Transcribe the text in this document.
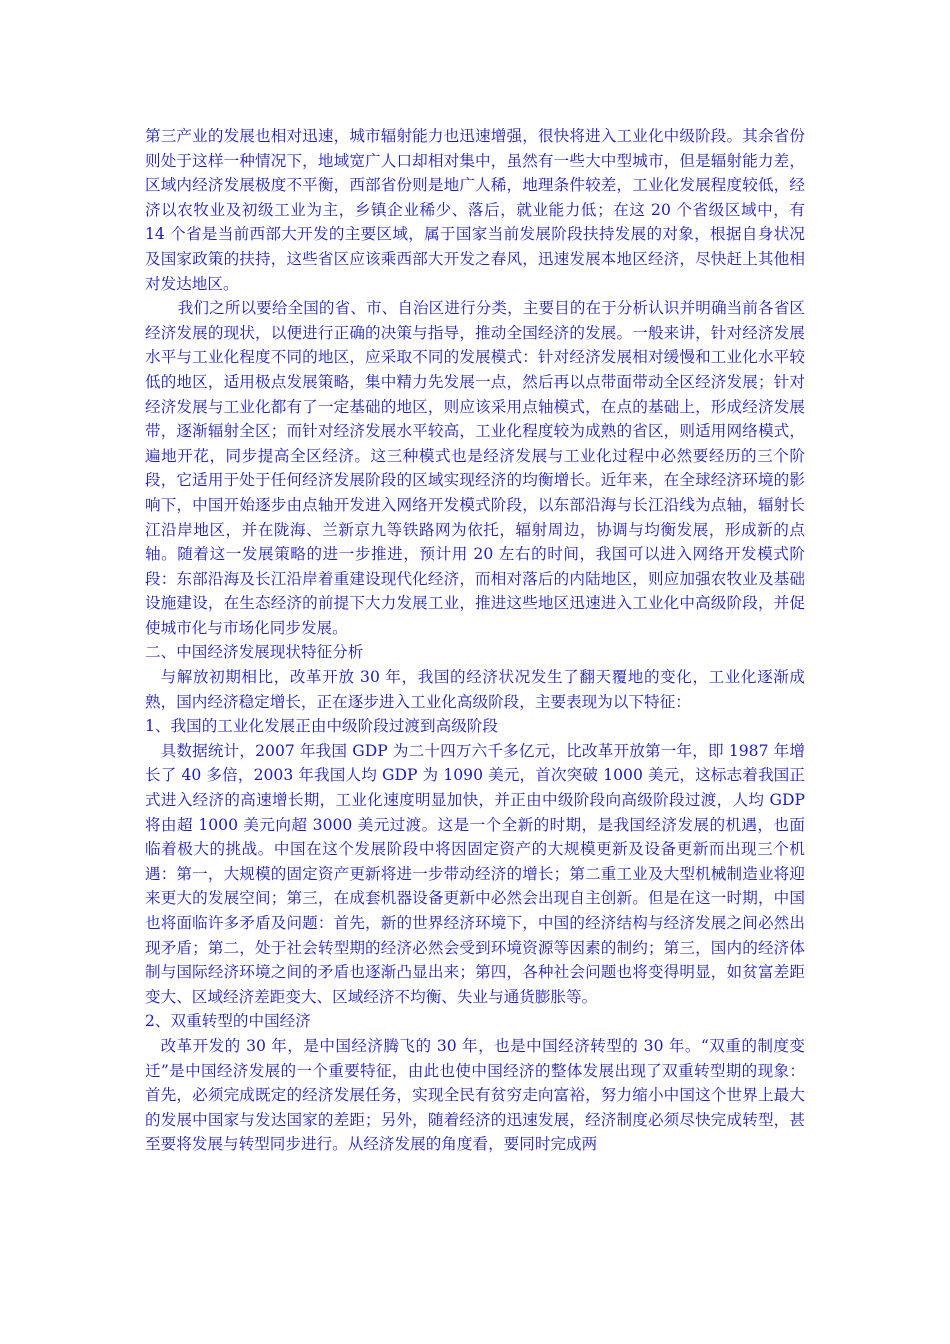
第三产业的发展也相对迅速，城市辐射能力也迅速增强，很快将进入工业化中级阶段。其余省份则处于这样一种情况下，地域宽广人口却相对集中，虽然有一些大中型城市，但是辐射能力差，区域内经济发展极度不平衡，西部省份则是地广人稀，地理条件较差，工业化发展程度较低，经济以农牧业及初级工业为主，乡镇企业稀少、落后，就业能力低；在这 20 个省级区域中，有 14 个省是当前西部大开发的主要区域，属于国家当前发展阶段扶持发展的对象，根据自身状况及国家政策的扶持，这些省区应该乘西部大开发之春风，迅速发展本地区经济，尽快赶上其他相对发达地区。

我们之所以要给全国的省、市、自治区进行分类，主要目的在于分析认识并明确当前各省区经济发展的现状，以便进行正确的决策与指导，推动全国经济的发展。一般来讲，针对经济发展水平与工业化程度不同的地区，应采取不同的发展模式：针对经济发展相对缓慢和工业化水平较低的地区，适用极点发展策略，集中精力先发展一点，然后再以点带面带动全区经济发展；针对经济发展与工业化都有了一定基础的地区，则应该采用点轴模式，在点的基础上，形成经济发展带，逐渐辐射全区；而针对经济发展水平较高，工业化程度较为成熟的省区，则适用网络模式，遍地开花，同步提高全区经济。这三种模式也是经济发展与工业化过程中必然要经历的三个阶段，它适用于处于任何经济发展阶段的区域实现经济的均衡增长。近年来，在全球经济环境的影响下，中国开始逐步由点轴开发进入网络开发模式阶段，以东部沿海与长江沿线为点轴，辐射长江沿岸地区，并在陇海、兰新京九等铁路网为依托，辐射周边，协调与均衡发展，形成新的点轴。随着这一发展策略的进一步推进，预计用 20 左右的时间，我国可以进入网络开发模式阶段：东部沿海及长江沿岸着重建设现代化经济，而相对落后的内陆地区，则应加强农牧业及基础设施建设，在生态经济的前提下大力发展工业，推进这些地区迅速进入工业化中高级阶段，并促使城市化与市场化同步发展。

二、中国经济发展现状特征分析

与解放初期相比，改革开放 30 年，我国的经济状况发生了翻天覆地的变化，工业化逐渐成熟，国内经济稳定增长，正在逐步进入工业化高级阶段，主要表现为以下特征：

1、我国的工业化发展正由中级阶段过渡到高级阶段

具数据统计，2007 年我国 GDP 为二十四万六千多亿元，比改革开放第一年，即 1987 年增长了 40 多倍，2003 年我国人均 GDP 为 1090 美元，首次突破 1000 美元，这标志着我国正式进入经济的高速增长期，工业化速度明显加快，并正由中级阶段向高级阶段过渡，人均 GDP 将由超 1000 美元向超 3000 美元过渡。这是一个全新的时期，是我国经济发展的机遇，也面临着极大的挑战。中国在这个发展阶段中将因固定资产的大规模更新及设备更新而出现三个机遇：第一，大规模的固定资产更新将进一步带动经济的增长；第二重工业及大型机械制造业将迎来更大的发展空间；第三，在成套机器设备更新中必然会出现自主创新。但是在这一时期，中国也将面临许多矛盾及问题：首先，新的世界经济环境下，中国的经济结构与经济发展之间必然出现矛盾；第二，处于社会转型期的经济必然会受到环境资源等因素的制约；第三，国内的经济体制与国际经济环境之间的矛盾也逐渐凸显出来；第四，各种社会问题也将变得明显，如贫富差距变大、区域经济差距变大、区域经济不均衡、失业与通货膨胀等。

2、双重转型的中国经济

改革开发的 30 年，是中国经济腾飞的 30 年，也是中国经济转型的 30 年。“双重的制度变迁”是中国经济发展的一个重要特征，由此也使中国经济的整体发展出现了双重转型期的现象：首先，必须完成既定的经济发展任务，实现全民有贫穷走向富裕，努力缩小中国这个世界上最大的发展中国家与发达国家的差距；另外，随着经济的迅速发展，经济制度必须尽快完成转型，甚至要将发展与转型同步进行。从经济发展的角度看，要同时完成两
